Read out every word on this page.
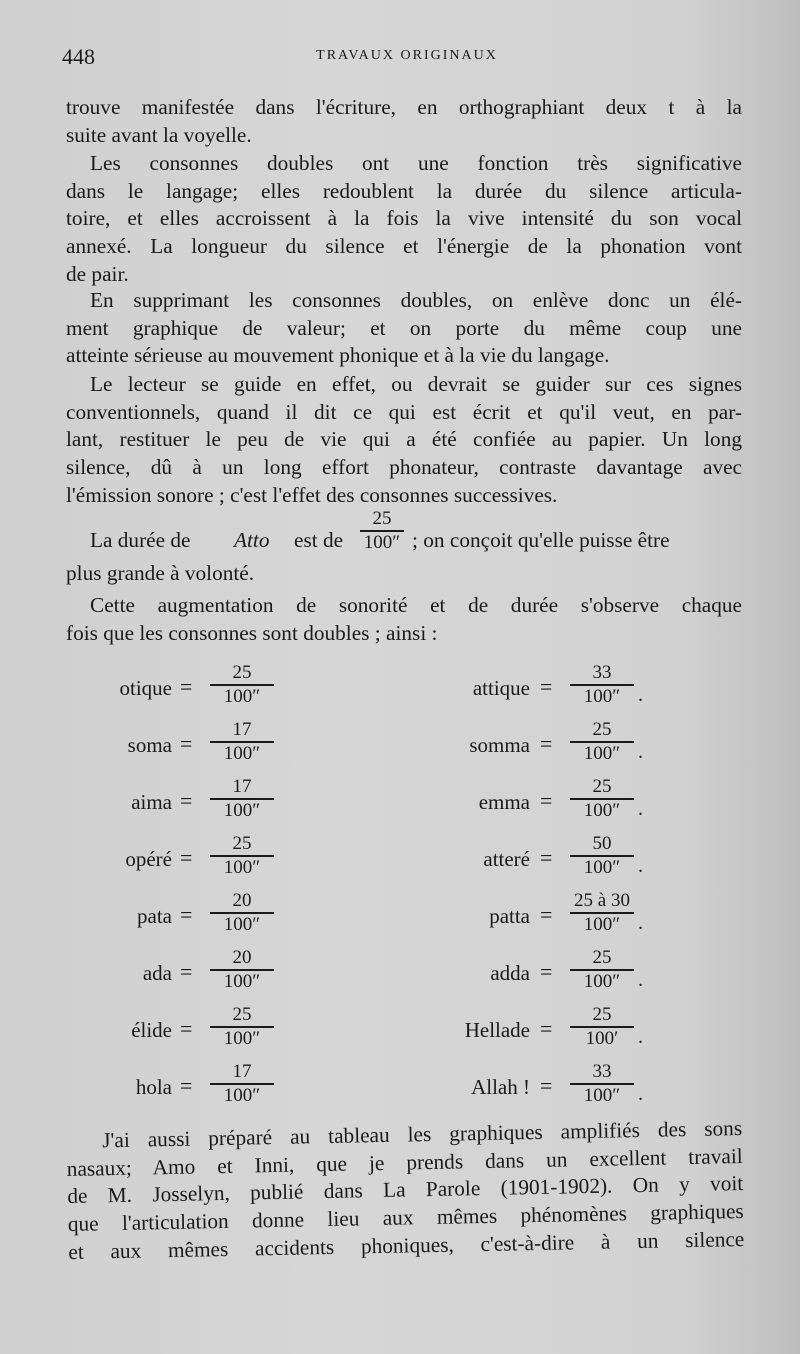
448	TRAVAUX ORIGINAUX
trouve manifestée dans l'écriture, en orthographiant deux t à la
suite avant la voyelle.
Les consonnes doubles ont une fonction très significative
dans le langage; elles redoublent la durée du silence articula-
toire, et elles accroissent à la fois la vive intensité du son vocal
annexé. La longueur du silence et l'énergie de la phonation vont
de pair.
En supprimant les consonnes doubles, on enlève donc un élé-
ment graphique de valeur; et on porte du même coup une
atteinte sérieuse au mouvement phonique et à la vie du langage.
Le lecteur se guide en effet, ou devrait se guider sur ces signes
conventionnels, quand il dit ce qui est écrit et qu'il veut, en par-
lant, restituer le peu de vie qui a été confiée au papier. Un long
silence, dû à un long effort phonateur, contraste davantage avec
l'émission sonore ; c'est l'effet des consonnes successives.
La durée de Atto est de
25
100″ ; on conçoit qu'elle puisse être
plus grande à volonté.
Cette augmentation de sonorité et de durée s'observe chaque
fois que les consonnes sont doubles ; ainsi :
otique =
25
100″
soma =
17
100″
aima =
17
100″
opéré =
25
100″
pata =
20
100″
ada =
20
100″
élide =
25
100″
hola =
17
100″
attique =
33
100″ .
somma =
25
100″ .
emma =
25
100″ .
atteré =
50
100″ .
patta =
25 à 30
100″ .
adda =
25
100″ .
Hellade =
25
100′ .
Allah ! =
33
100″ .
J'ai aussi préparé au tableau les graphiques amplifiés des sons
nasaux; Amo et Inni, que je prends dans un excellent travail
de M. Josselyn, publié dans La Parole (1901-1902). On y voit
que l'articulation donne lieu aux mêmes phénomènes graphiques
et aux mêmes accidents phoniques, c'est-à-dire à un silence
